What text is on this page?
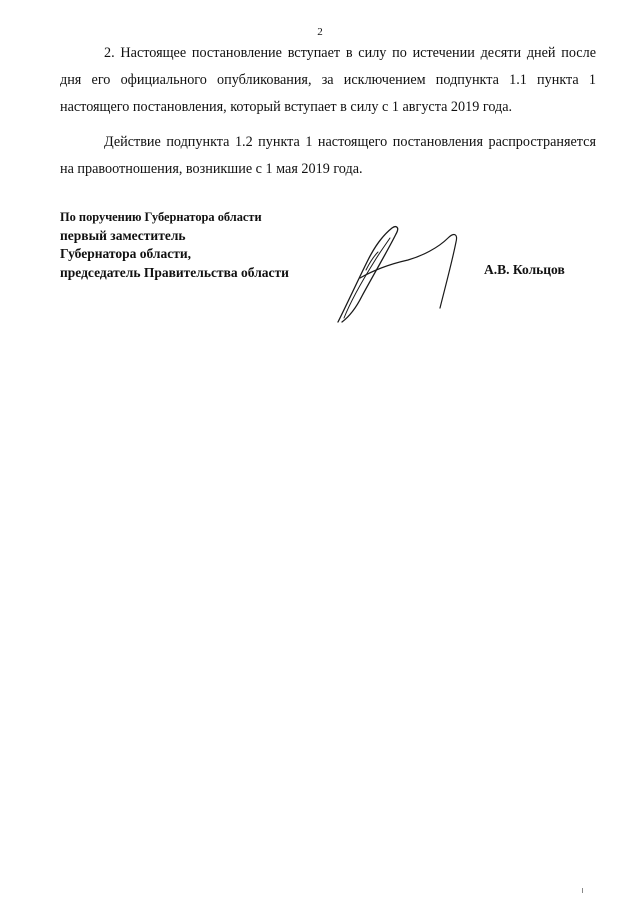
2

2. Настоящее постановление вступает в силу по истечении десяти дней после дня его официального опубликования, за исключением подпункта 1.1 пункта 1 настоящего постановления, который вступает в силу с 1 августа 2019 года.

Действие подпункта 1.2 пункта 1 настоящего постановления распространяется на правоотношения, возникшие с 1 мая 2019 года.

По поручению Губернатора области
первый заместитель
Губернатора области,
председатель Правительства области	А.В. Кольцов
